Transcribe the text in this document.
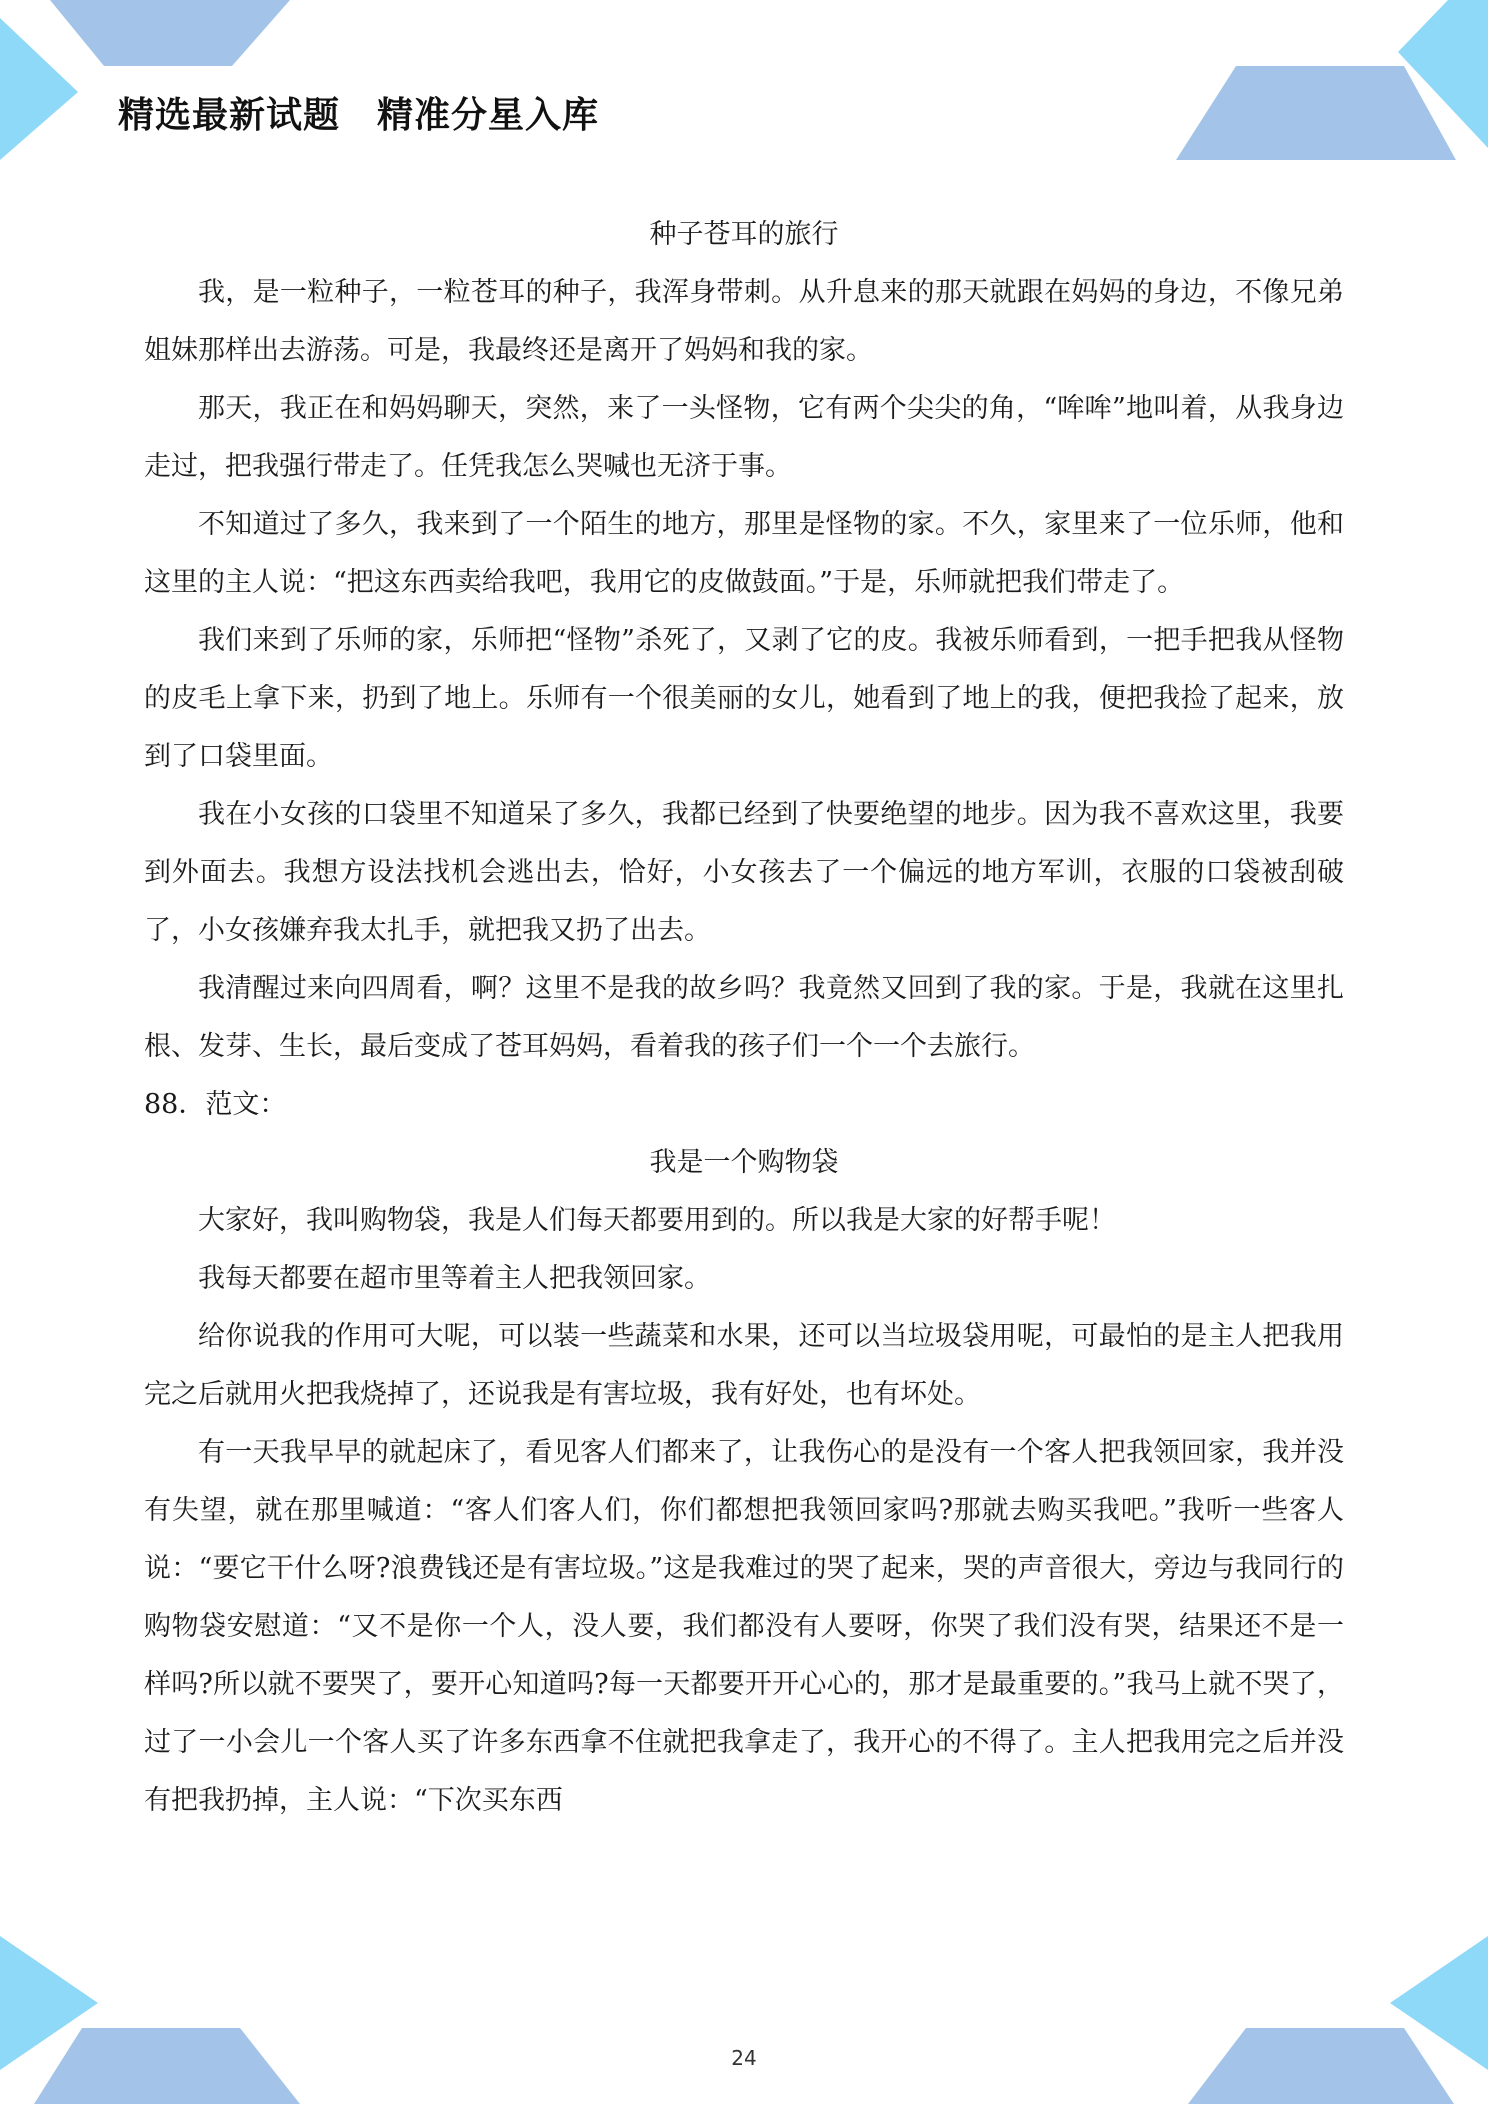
精选最新试题　精准分星入库

种子苍耳的旅行

我，是一粒种子，一粒苍耳的种子，我浑身带刺。从升息来的那天就跟在妈妈的身边，不像兄弟姐妹那样出去游荡。可是，我最终还是离开了妈妈和我的家。

那天，我正在和妈妈聊天，突然，来了一头怪物，它有两个尖尖的角，“哞哞”地叫着，从我身边走过，把我强行带走了。任凭我怎么哭喊也无济于事。

不知道过了多久，我来到了一个陌生的地方，那里是怪物的家。不久，家里来了一位乐师，他和这里的主人说：“把这东西卖给我吧，我用它的皮做鼓面。”于是，乐师就把我们带走了。

我们来到了乐师的家，乐师把“怪物”杀死了，又剥了它的皮。我被乐师看到，一把手把我从怪物的皮毛上拿下来，扔到了地上。乐师有一个很美丽的女儿，她看到了地上的我，便把我捡了起来，放到了口袋里面。

我在小女孩的口袋里不知道呆了多久，我都已经到了快要绝望的地步。因为我不喜欢这里，我要到外面去。我想方设法找机会逃出去，恰好，小女孩去了一个偏远的地方军训，衣服的口袋被刮破了，小女孩嫌弃我太扎手，就把我又扔了出去。

我清醒过来向四周看，啊？这里不是我的故乡吗？我竟然又回到了我的家。于是，我就在这里扎根、发芽、生长，最后变成了苍耳妈妈，看着我的孩子们一个一个去旅行。

88．范文：

我是一个购物袋

大家好，我叫购物袋，我是人们每天都要用到的。所以我是大家的好帮手呢！

我每天都要在超市里等着主人把我领回家。

给你说我的作用可大呢，可以装一些蔬菜和水果，还可以当垃圾袋用呢，可最怕的是主人把我用完之后就用火把我烧掉了，还说我是有害垃圾，我有好处，也有坏处。

有一天我早早的就起床了，看见客人们都来了，让我伤心的是没有一个客人把我领回家，我并没有失望，就在那里喊道：“客人们客人们，你们都想把我领回家吗?那就去购买我吧。”我听一些客人说：“要它干什么呀?浪费钱还是有害垃圾。”这是我难过的哭了起来，哭的声音很大，旁边与我同行的购物袋安慰道：“又不是你一个人，没人要，我们都没有人要呀，你哭了我们没有哭，结果还不是一样吗?所以就不要哭了，要开心知道吗?每一天都要开开心心的，那才是最重要的。”我马上就不哭了，过了一小会儿一个客人买了许多东西拿不住就把我拿走了，我开心的不得了。主人把我用完之后并没有把我扔掉，主人说：“下次买东西

24
